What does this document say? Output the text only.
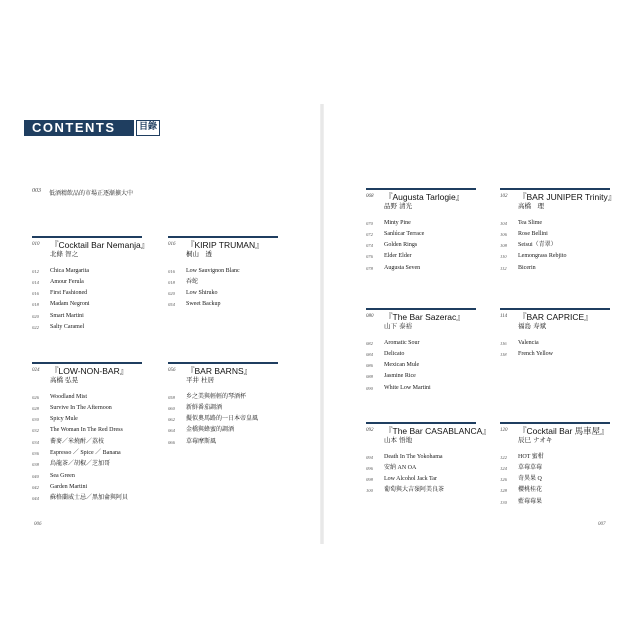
CONTENTS	目錄
003 低酒精飲品的市場正逐漸擴大中
010	『Cocktail Bar Nemanja』
北條 智之
012	Chica Margarita
014	Amour Ferula
016	First Fashioned
018	Madam Negroni
020	Smart Martini
022	Salty Caramel
016	『KIRIP TRUMAN』
桐山　透
016	Low Sauvignon Blanc
018	吞蛇
020	Low Shiruko
054	Sweet Backup
024	『LOW-NON-BAR』
高橋 弘晃
026	Woodland Mist
028	Survive In The Afternoon
030	Spicy Mule
032	The Woman In The Red Dress
034	蕎麥／米燒酎／荔枝
036	Espresso ／ Spice ／ Banana
038	烏龍茶／胡椒／芝加哥
040	Sea Green
042	Garden Martini
044	蘇格蘭威士忌／黑加侖與阿貝
056	『BAR BARNS』
平井 杜居
058	乡之美與輕輕的琴酒杯
060	新鮮番茄調酒
062	擬似奧馬路的一日本帝皇風
064	金橋與蜂蜜的調酒
066	草莓摩斯風
068	『Augusta Tarlogie』
品野 清光
070	Minty Pine
072	Sanlúcar Terrace
074	Golden Rings
076	Elder Elder
078	Augusta Seven
080	『The Bar Sazerac』
山下 泰裕
082	Aromatic Sour
084	Delicato
086	Mexican Mule
088	Jasmine Rice
090	White Low Martini
092	『The Bar CASABLANCA』
山本 悟地
094	Death In The Yokohama
096	安納 AN OA
098	Low Alcohol Jack Tar
100	葡萄與大吉嶺阿美良茶
102	『BAR JUNIPER Trinity』
高橋　理
104	Tea Slime
106	Rose Bellini
108	Seisui（青翠）
110	Lemongrass Rebjito
112	Bicerin
114	『BAR CAPRICE』
福島 寿斌
116	Valencia
118	French Yellow
120	『Cocktail Bar 馬車屋』
辰巳 ナオキ
122	HOT 蜜柑
124	草莓草莓
126	奇異果 Q
128	櫻桃桂花
130	藍莓莓果
006	007
